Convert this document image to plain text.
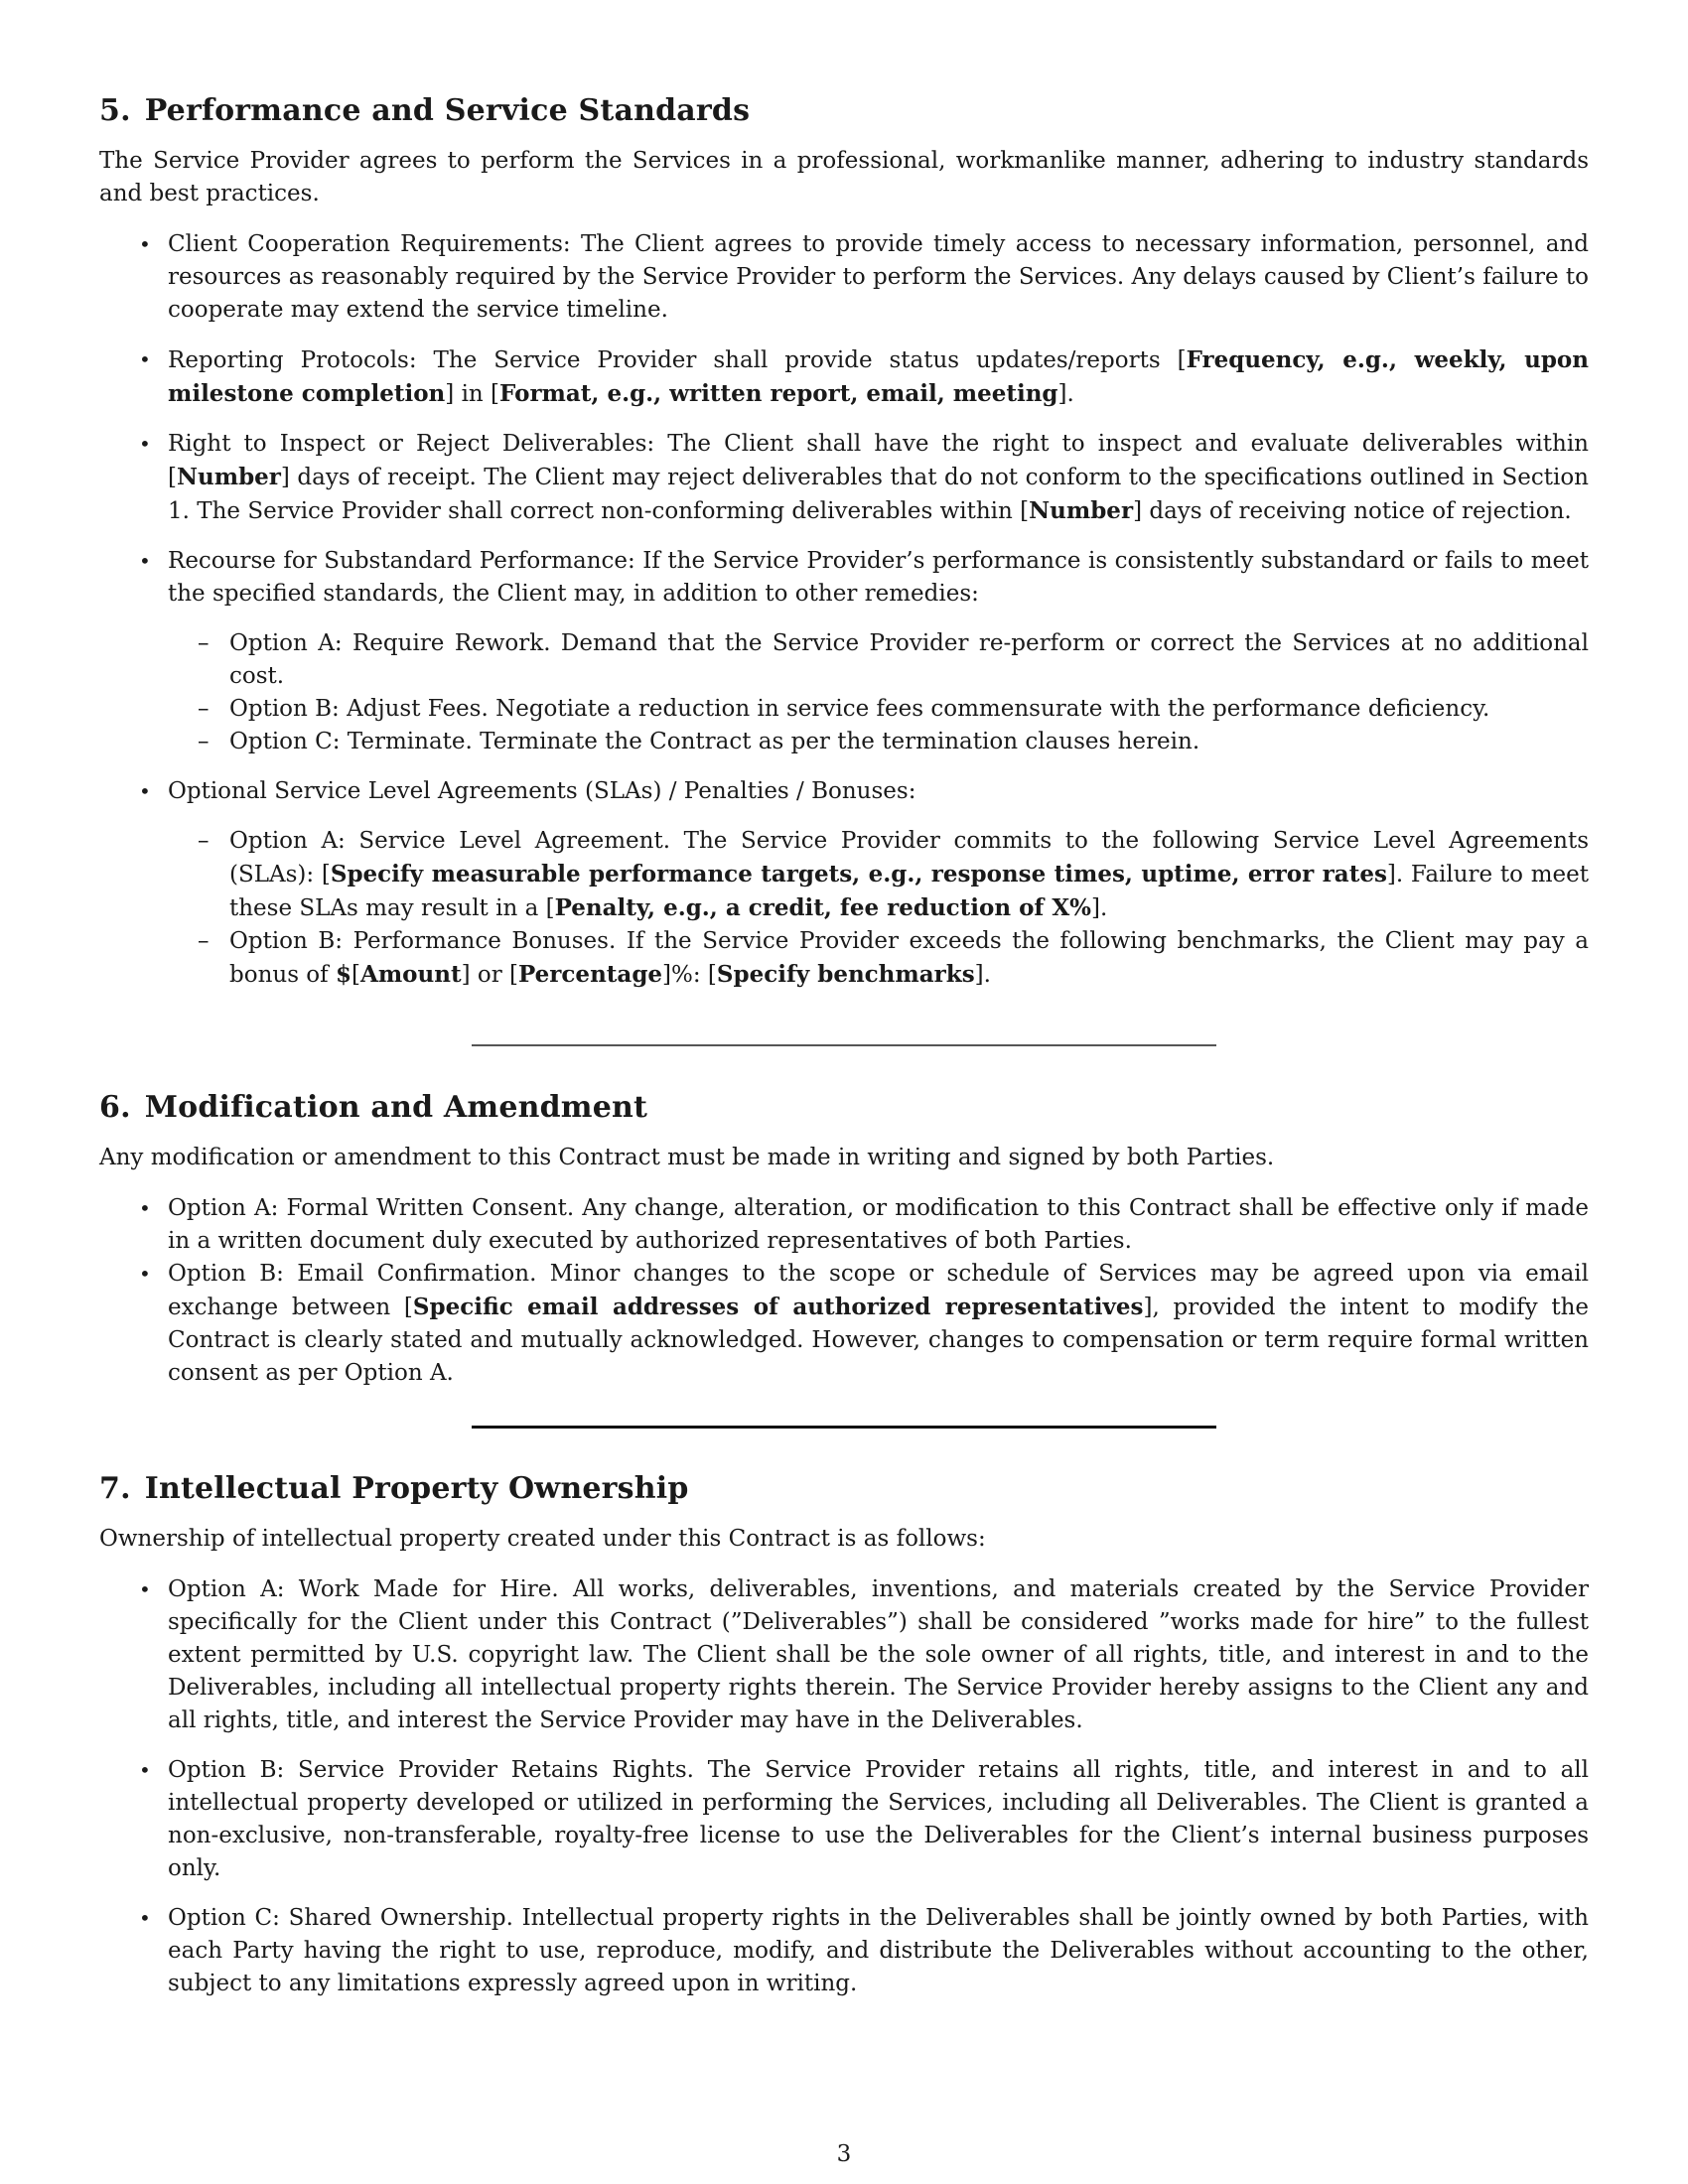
5. Performance and Service Standards

The Service Provider agrees to perform the Services in a professional, workmanlike manner, adhering to industry standards and best practices.

• Client Cooperation Requirements: The Client agrees to provide timely access to necessary information, personnel, and resources as reasonably required by the Service Provider to perform the Services. Any delays caused by Client’s failure to cooperate may extend the service timeline.
• Reporting Protocols: The Service Provider shall provide status updates/reports [Frequency, e.g., weekly, upon milestone completion] in [Format, e.g., written report, email, meeting].
• Right to Inspect or Reject Deliverables: The Client shall have the right to inspect and evaluate deliverables within [Number] days of receipt. The Client may reject deliverables that do not conform to the specifications outlined in Section 1. The Service Provider shall correct non-conforming deliverables within [Number] days of receiving notice of rejection.
• Recourse for Substandard Performance: If the Service Provider’s performance is consistently substandard or fails to meet the specified standards, the Client may, in addition to other remedies:
– Option A: Require Rework. Demand that the Service Provider re-perform or correct the Services at no additional cost.
– Option B: Adjust Fees. Negotiate a reduction in service fees commensurate with the performance deficiency.
– Option C: Terminate. Terminate the Contract as per the termination clauses herein.
• Optional Service Level Agreements (SLAs) / Penalties / Bonuses:
– Option A: Service Level Agreement. The Service Provider commits to the following Service Level Agreements (SLAs): [Specify measurable performance targets, e.g., response times, uptime, error rates]. Failure to meet these SLAs may result in a [Penalty, e.g., a credit, fee reduction of X%].
– Option B: Performance Bonuses. If the Service Provider exceeds the following benchmarks, the Client may pay a bonus of $[Amount] or [Percentage]%: [Specify benchmarks].
6. Modification and Amendment

Any modification or amendment to this Contract must be made in writing and signed by both Parties.

• Option A: Formal Written Consent. Any change, alteration, or modification to this Contract shall be effective only if made in a written document duly executed by authorized representatives of both Parties.
• Option B: Email Confirmation. Minor changes to the scope or schedule of Services may be agreed upon via email exchange between [Specific email addresses of authorized representatives], provided the intent to modify the Contract is clearly stated and mutually acknowledged. However, changes to compensation or term require formal written consent as per Option A.
7. Intellectual Property Ownership

Ownership of intellectual property created under this Contract is as follows:

• Option A: Work Made for Hire. All works, deliverables, inventions, and materials created by the Service Provider specifically for the Client under this Contract (”Deliverables”) shall be considered ”works made for hire” to the fullest extent permitted by U.S. copyright law. The Client shall be the sole owner of all rights, title, and interest in and to the Deliverables, including all intellectual property rights therein. The Service Provider hereby assigns to the Client any and all rights, title, and interest the Service Provider may have in the Deliverables.
• Option B: Service Provider Retains Rights. The Service Provider retains all rights, title, and interest in and to all intellectual property developed or utilized in performing the Services, including all Deliverables. The Client is granted a non-exclusive, non-transferable, royalty-free license to use the Deliverables for the Client’s internal business purposes only.
• Option C: Shared Ownership. Intellectual property rights in the Deliverables shall be jointly owned by both Parties, with each Party having the right to use, reproduce, modify, and distribute the Deliverables without accounting to the other, subject to any limitations expressly agreed upon in writing.
3
